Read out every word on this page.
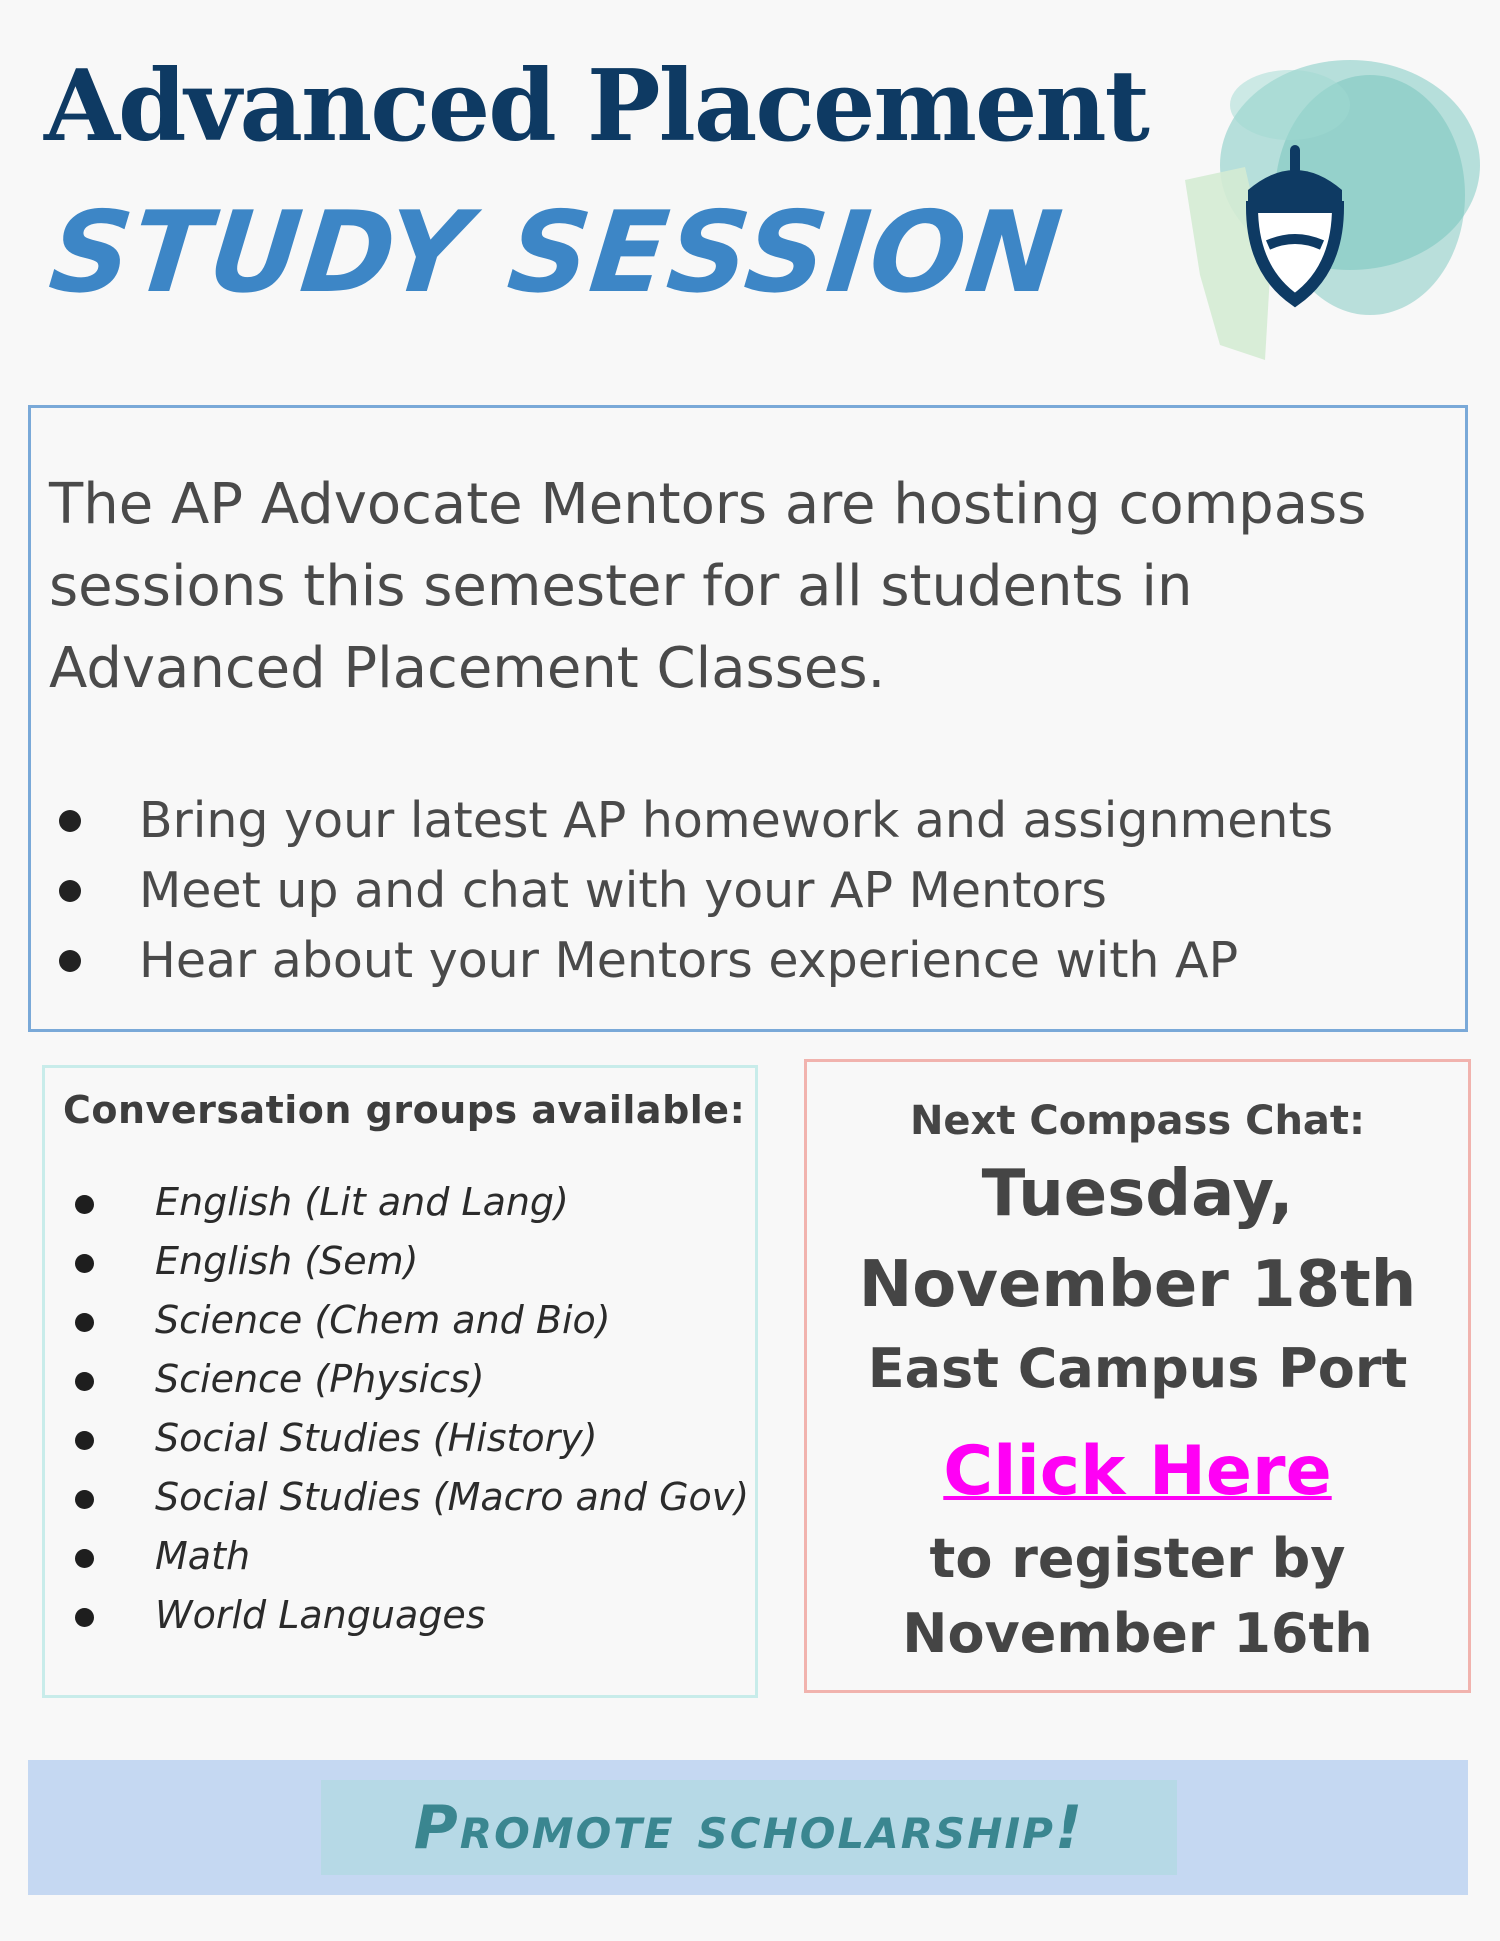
Advanced Placement
STUDY SESSION

The AP Advocate Mentors are hosting compass sessions this semester for all students in Advanced Placement Classes.

Bring your latest AP homework and assignments
Meet up and chat with your AP Mentors
Hear about your Mentors experience with AP
Conversation groups available:
English (Lit and Lang)
English (Sem)
Science (Chem and Bio)
Science (Physics)
Social Studies (History)
Social Studies (Macro and Gov)
Math
World Languages
Next Compass Chat:
Tuesday,
November 18th
East Campus Port
Click Here
to register by
November 16th
Promote scholarship!
